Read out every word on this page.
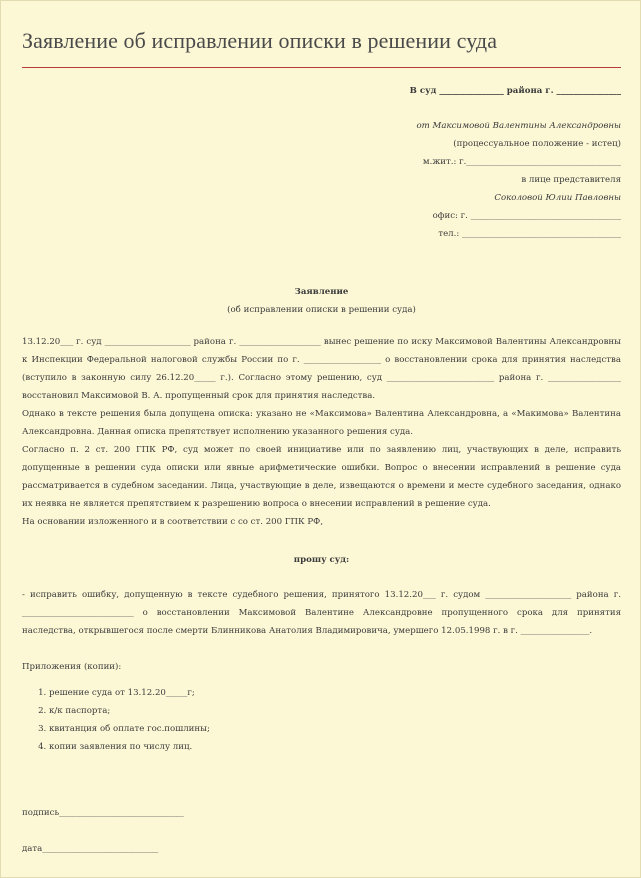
Заявление об исправлении описки в решении суда
В суд _______________ района г. _______________
от Максимовой Валентины Александровны
(процессуальное положение - истец)
м.жит.: г.____________________________________
в лице представителя
Соколовой Юлии Павловны
офис: г. ___________________________________
тел.: _____________________________________
Заявление
(об исправлении описки в решении суда)

13.12.20___ г. суд ____________________ района г. ___________________ вынес решение по иску Максимовой Валентины Александровны к Инспекции Федеральной налоговой службы России по г. __________________ о восстановлении срока для принятия наследства (вступило в законную силу 26.12.20_____ г.). Согласно этому решению, суд _________________________ района г. _________________ восстановил Максимовой В. А. пропущенный срок для принятия наследства.

Однако в тексте решения была допущена описка: указано не «Максимова» Валентина Александровна, а «Макимова» Валентина Александровна. Данная описка препятствует исполнению указанного решения суда.

Согласно п. 2 ст. 200 ГПК РФ, суд может по своей инициативе или по заявлению лиц, участвующих в деле, исправить допущенные в решении суда описки или явные арифметические ошибки. Вопрос о внесении исправлений в решение суда рассматривается в судебном заседании. Лица, участвующие в деле, извещаются о времени и месте судебного заседания, однако их неявка не является препятствием к разрешению вопроса о внесении исправлений в решение суда.

На основании изложенного и в соответствии с со ст. 200 ГПК РФ,

прошу суд:
- исправить ошибку, допущенную в тексте судебного решения, принятого 13.12.20___ г. судом ____________________ района г. __________________________ о восстановлении Максимовой Валентине Александровне пропущенного срока для принятия наследства, открывшегося после смерти Блинникова Анатолия Владимировича, умершего 12.05.1998 г. в г. ________________.
Приложения (копии):
1. решение суда от 13.12.20_____г;
2. к/к паспорта;
3. квитанция об оплате гос.пошлины;
4. копии заявления по числу лиц.
подпись_____________________________
дата___________________________
